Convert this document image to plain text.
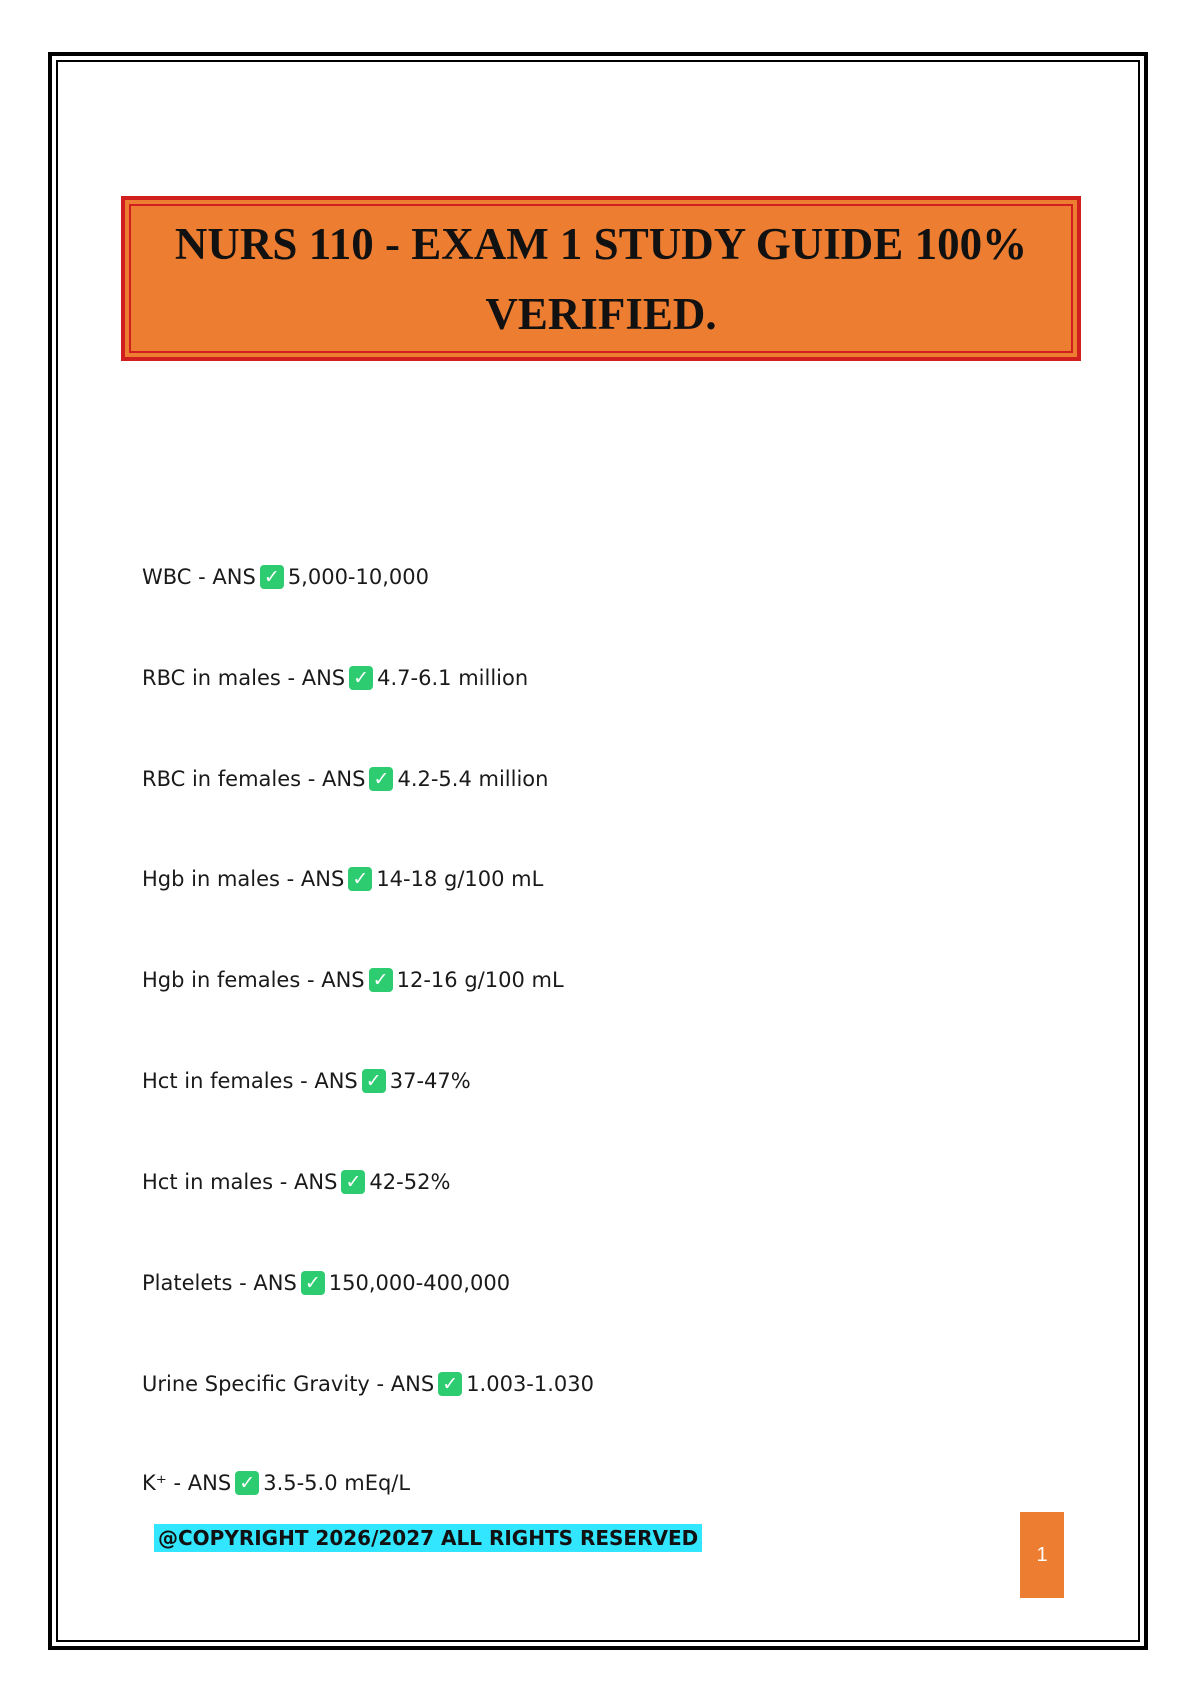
NURS 110 - EXAM 1 STUDY GUIDE 100% VERIFIED.
WBC - ANS ✓ 5,000-10,000
RBC in males - ANS ✓ 4.7-6.1 million
RBC in females - ANS ✓ 4.2-5.4 million
Hgb in males - ANS ✓ 14-18 g/100 mL
Hgb in females - ANS ✓ 12-16 g/100 mL
Hct in females - ANS ✓ 37-47%
Hct in males - ANS ✓ 42-52%
Platelets - ANS ✓ 150,000-400,000
Urine Specific Gravity - ANS ✓ 1.003-1.030
K⁺ - ANS ✓ 3.5-5.0 mEq/L
@COPYRIGHT 2026/2027 ALL RIGHTS RESERVED
1
